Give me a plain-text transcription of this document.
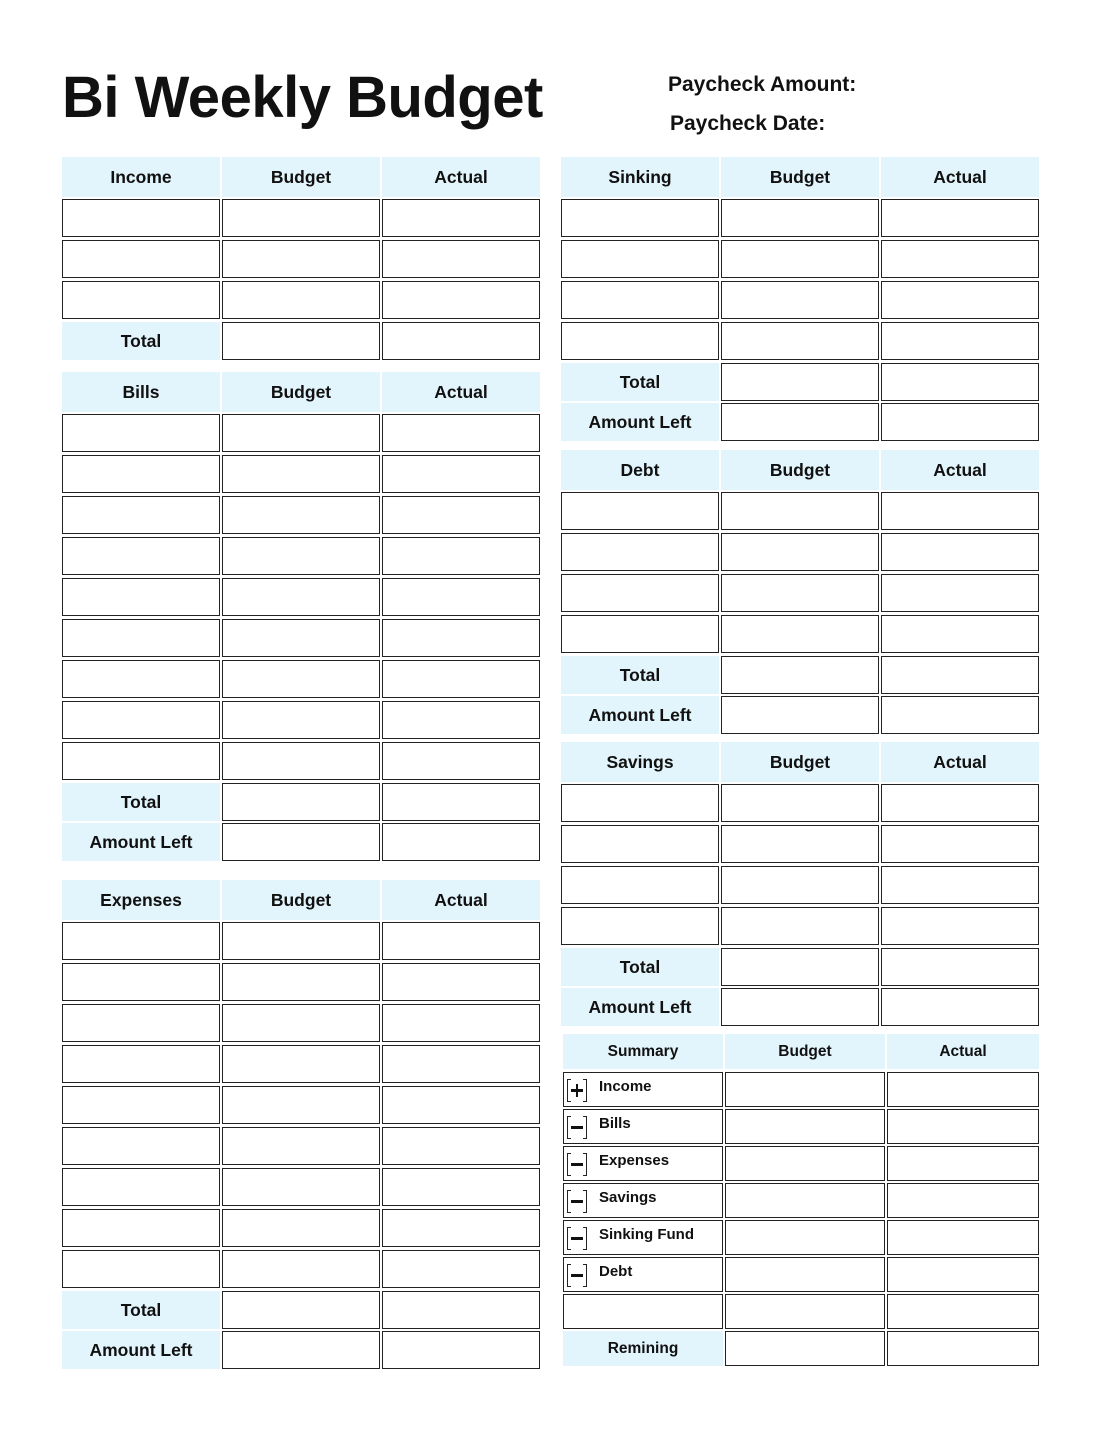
Bi Weekly Budget	Paycheck Amount:
Paycheck Date:
Income	Budget	Actual
Total
Bills	Budget	Actual
Total
Amount Left
Expenses	Budget	Actual
Total
Amount Left
Sinking	Budget	Actual
Total
Amount Left
Debt	Budget	Actual
Total
Amount Left
Savings	Budget	Actual
Total
Amount Left
Summary	Budget	Actual
Income
Bills
Expenses
Savings
Sinking Fund
Debt
Remining
